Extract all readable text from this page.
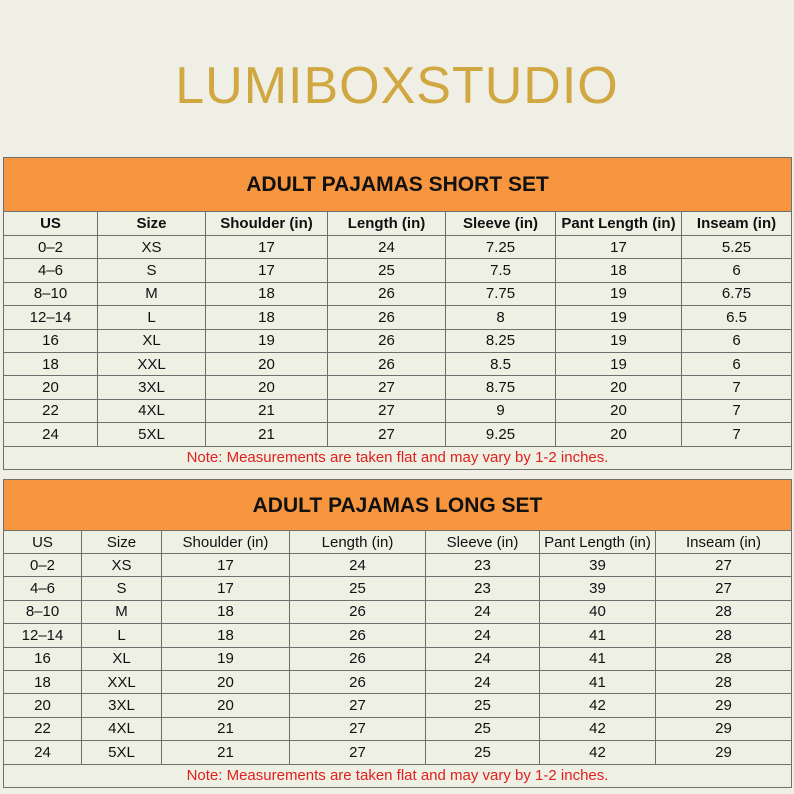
LUMIBOXSTUDIO
ADULT PAJAMAS SHORT SET						
US	Size	Shoulder (in)	Length (in)	Sleeve (in)	Pant Length (in)	Inseam (in)
0–2	XS	17	24	7.25	17	5.25
4–6	S	17	25	7.5	18	6
8–10	M	18	26	7.75	19	6.75
12–14	L	18	26	8	19	6.5
16	XL	19	26	8.25	19	6
18	XXL	20	26	8.5	19	6
20	3XL	20	27	8.75	20	7
22	4XL	21	27	9	20	7
24	5XL	21	27	9.25	20	7
Note: Measurements are taken flat and may vary by 1-2 inches.						
ADULT PAJAMAS LONG SET						
US	Size	Shoulder (in)	Length (in)	Sleeve (in)	Pant Length (in)	Inseam (in)
0–2	XS	17	24	23	39	27
4–6	S	17	25	23	39	27
8–10	M	18	26	24	40	28
12–14	L	18	26	24	41	28
16	XL	19	26	24	41	28
18	XXL	20	26	24	41	28
20	3XL	20	27	25	42	29
22	4XL	21	27	25	42	29
24	5XL	21	27	25	42	29
Note: Measurements are taken flat and may vary by 1-2 inches.						
